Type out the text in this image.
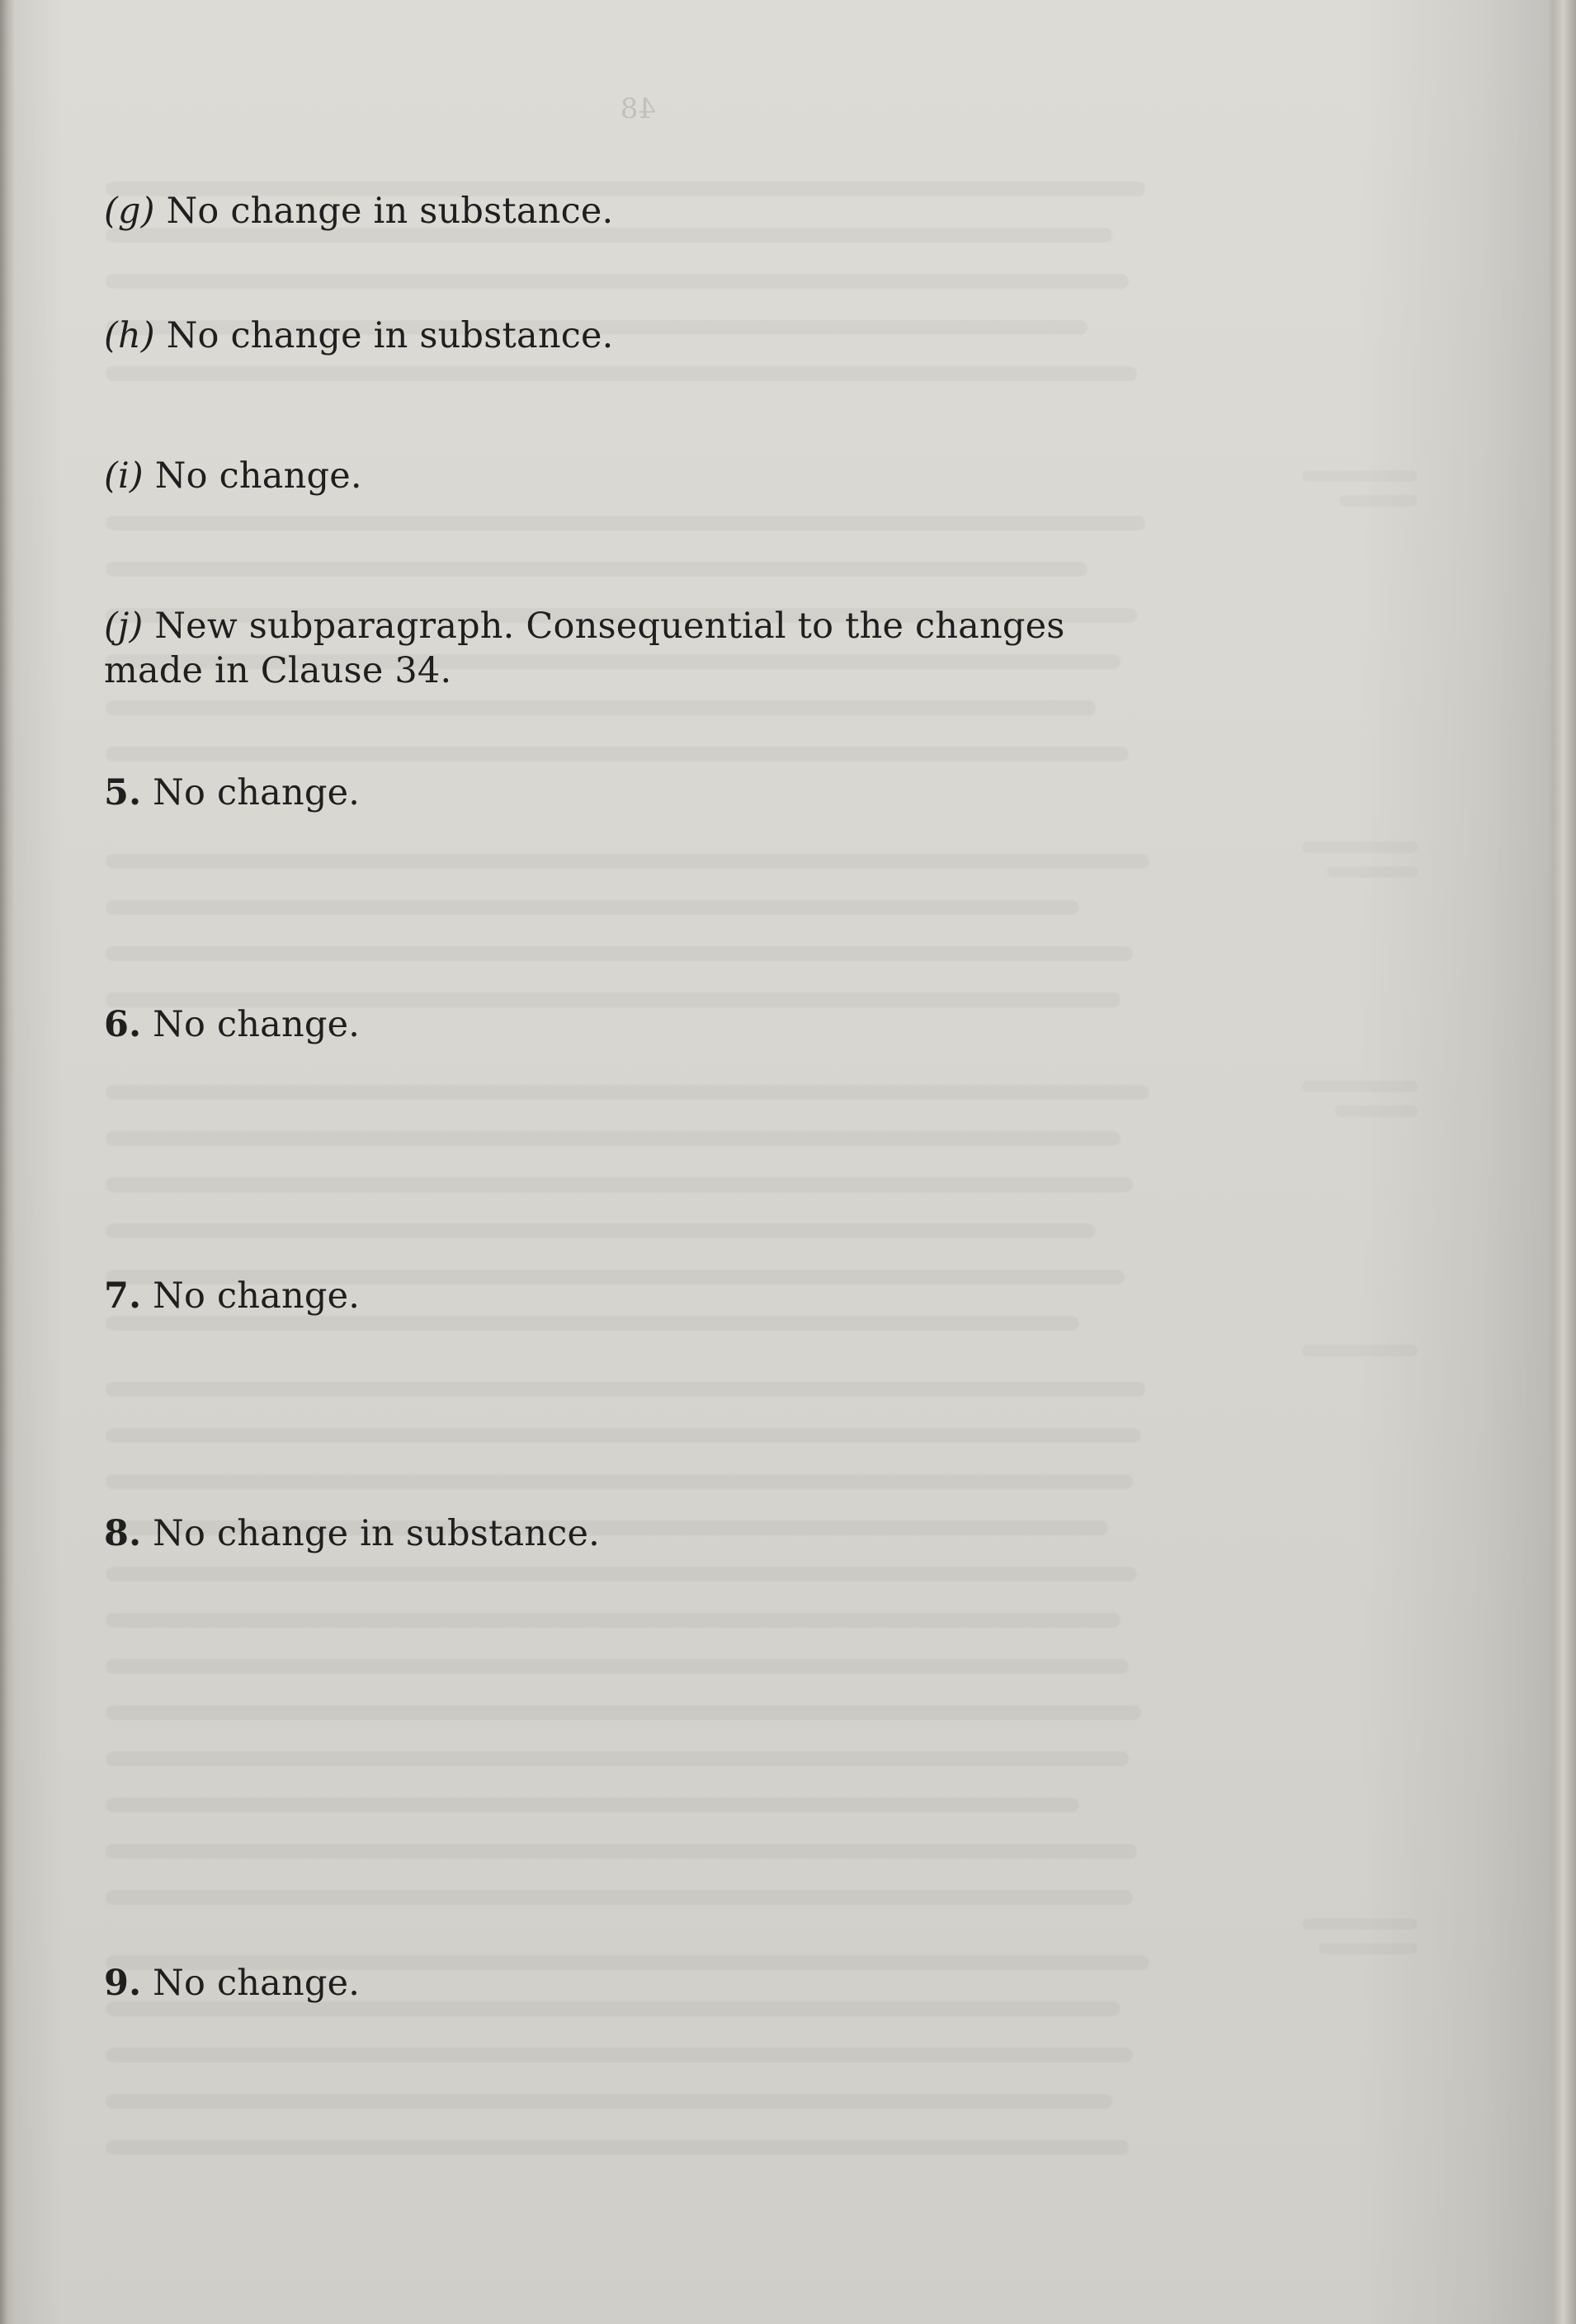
48
(g) No change in substance.
(h) No change in substance.
(i) No change.
(j) New subparagraph. Consequential to the changes made in Clause 34.
5. No change.
6. No change.
7. No change.
8. No change in substance.
9. No change.
